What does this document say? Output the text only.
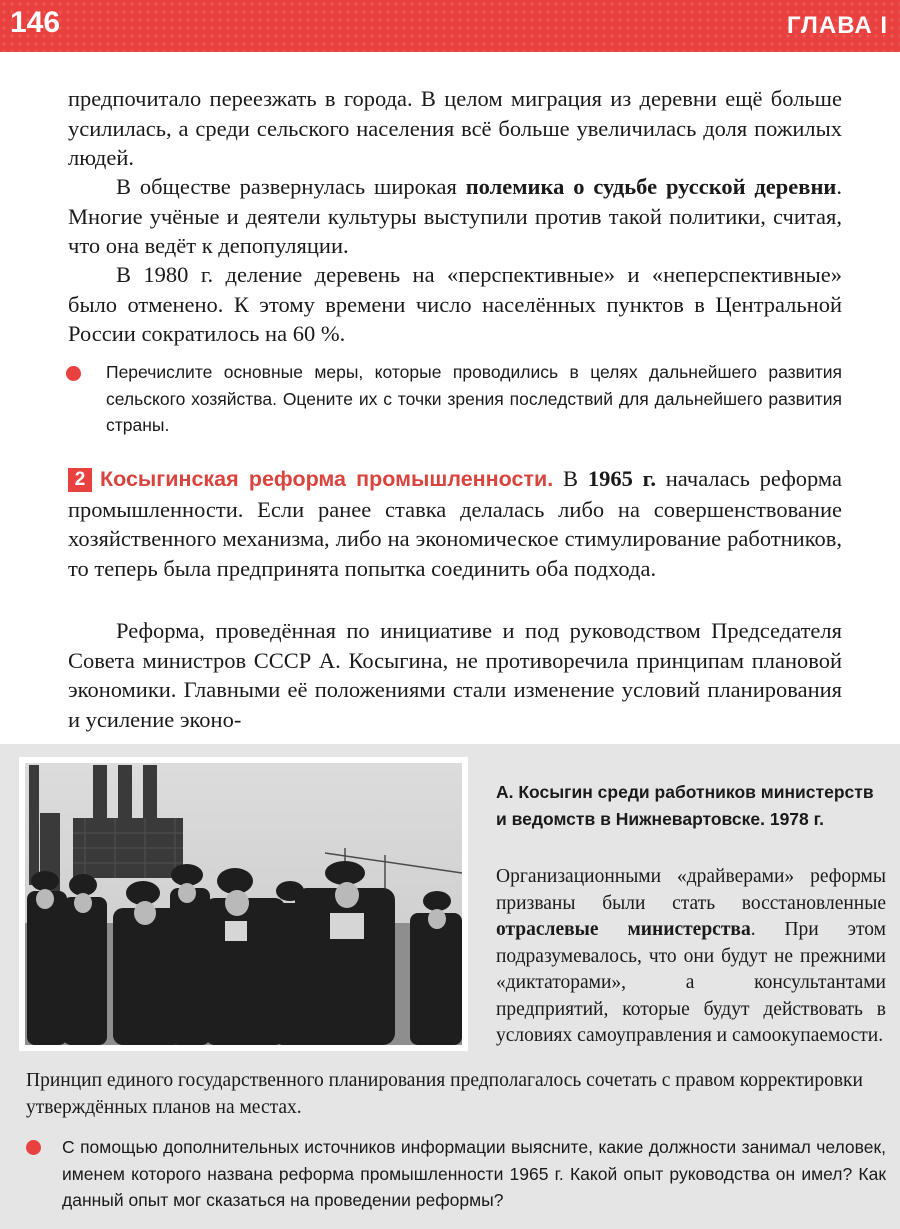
146	ГЛАВА I

предпочитало переезжать в города. В целом миграция из деревни ещё больше усилилась, а среди сельского населения всё больше увеличилась доля пожилых людей.

В обществе развернулась широкая полемика о судьбе русской деревни. Многие учёные и деятели культуры выступили против такой политики, считая, что она ведёт к депопуляции.

В 1980 г. деление деревень на «перспективные» и «неперспективные» было отменено. К этому времени число населённых пунктов в Центральной России сократилось на 60 %.

Перечислите основные меры, которые проводились в целях дальнейшего развития сельского хозяйства. Оцените их с точки зрения последствий для дальнейшего развития страны.

2 Косыгинская реформа промышленности. В 1965 г. началась реформа промышленности. Если ранее ставка делалась либо на совершенствование хозяйственного механизма, либо на экономическое стимулирование работников, то теперь была предпринята попытка соединить оба подхода.

Реформа, проведённая по инициативе и под руководством Председателя Совета министров СССР А. Косыгина, не противоречила принципам плановой экономики. Главными её положениями стали изменение условий планирования и усиление эконо-

А. Косыгин среди работников министерств и ведомств в Нижневартовске. 1978 г.

Организационными «драйверами» реформы призваны были стать восстановленные отраслевые министерства. При этом подразумевалось, что они будут не прежними «диктаторами», а консультантами предприятий, которые будут действовать в условиях самоуправления и самоокупаемости.

Принцип единого государственного планирования предполагалось сочетать с правом корректировки утверждённых планов на местах.

С помощью дополнительных источников информации выясните, какие должности занимал человек, именем которого названа реформа промышленности 1965 г. Какой опыт руководства он имел? Как данный опыт мог сказаться на проведении реформы?
